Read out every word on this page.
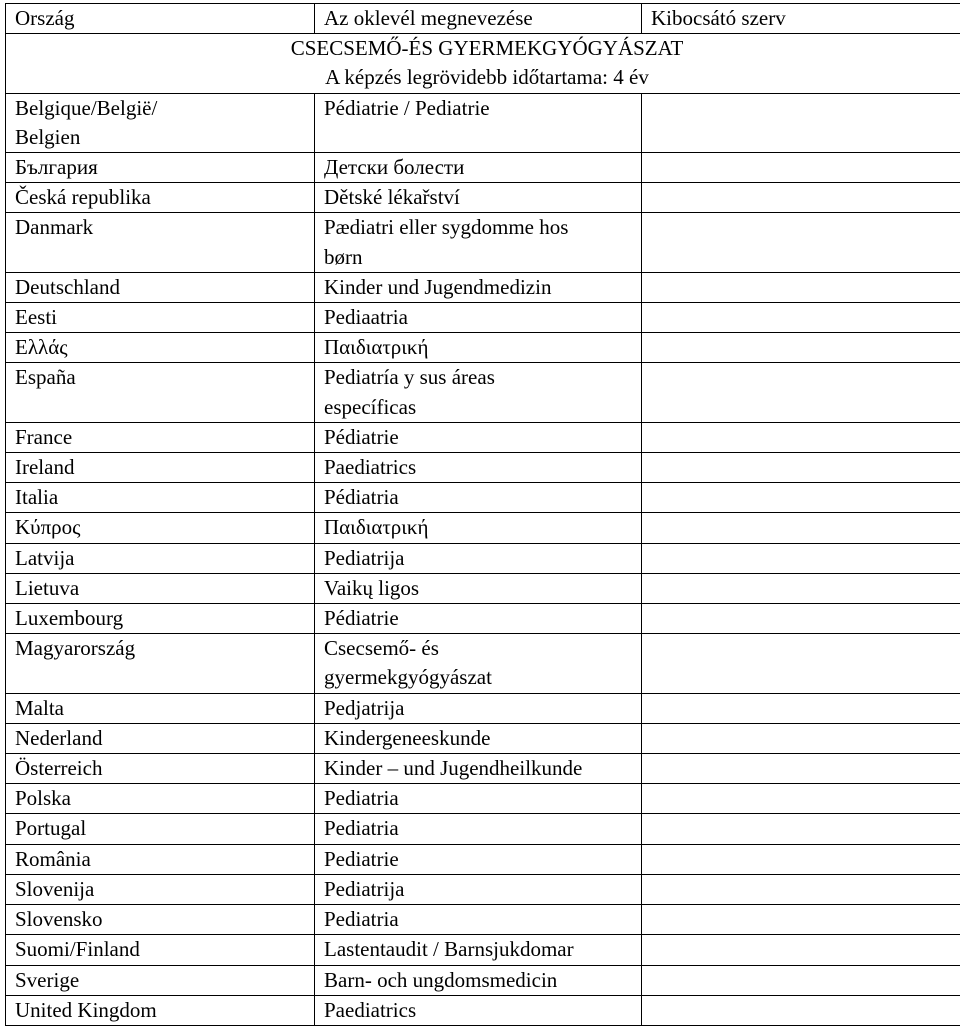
Ország	Az oklevél megnevezése	Kibocsátó szerv

CSECSEMŐ-ÉS GYERMEKGYÓGYÁSZAT
A képzés legrövidebb időtartama: 4 év		

Belgique/België/
Belgien	Pédiatrie / Pediatrie	

България	Детски болести	

Česká republika	Dětské lékařství	

Danmark	Pædiatri eller sygdomme hos
børn	

Deutschland	Kinder und Jugendmedizin	

Eesti	Pediaatria	

Ελλάς	Παιδιατρική	

España	Pediatría y sus áreas
específicas	

France	Pédiatrie	

Ireland	Paediatrics	

Italia	Pédiatria	

Κύπρος	Παιδιατρική	

Latvija	Pediatrija	

Lietuva	Vaikų ligos	

Luxembourg	Pédiatrie	

Magyarország	Csecsemő- és
gyermekgyógyászat	

Malta	Pedjatrija	

Nederland	Kindergeneeskunde	

Österreich	Kinder – und Jugendheilkunde	

Polska	Pediatria	

Portugal	Pediatria	

România	Pediatrie	

Slovenija	Pediatrija	

Slovensko	Pediatria	

Suomi/Finland	Lastentaudit / Barnsjukdomar	

Sverige	Barn- och ungdomsmedicin	

United Kingdom	Paediatrics	
